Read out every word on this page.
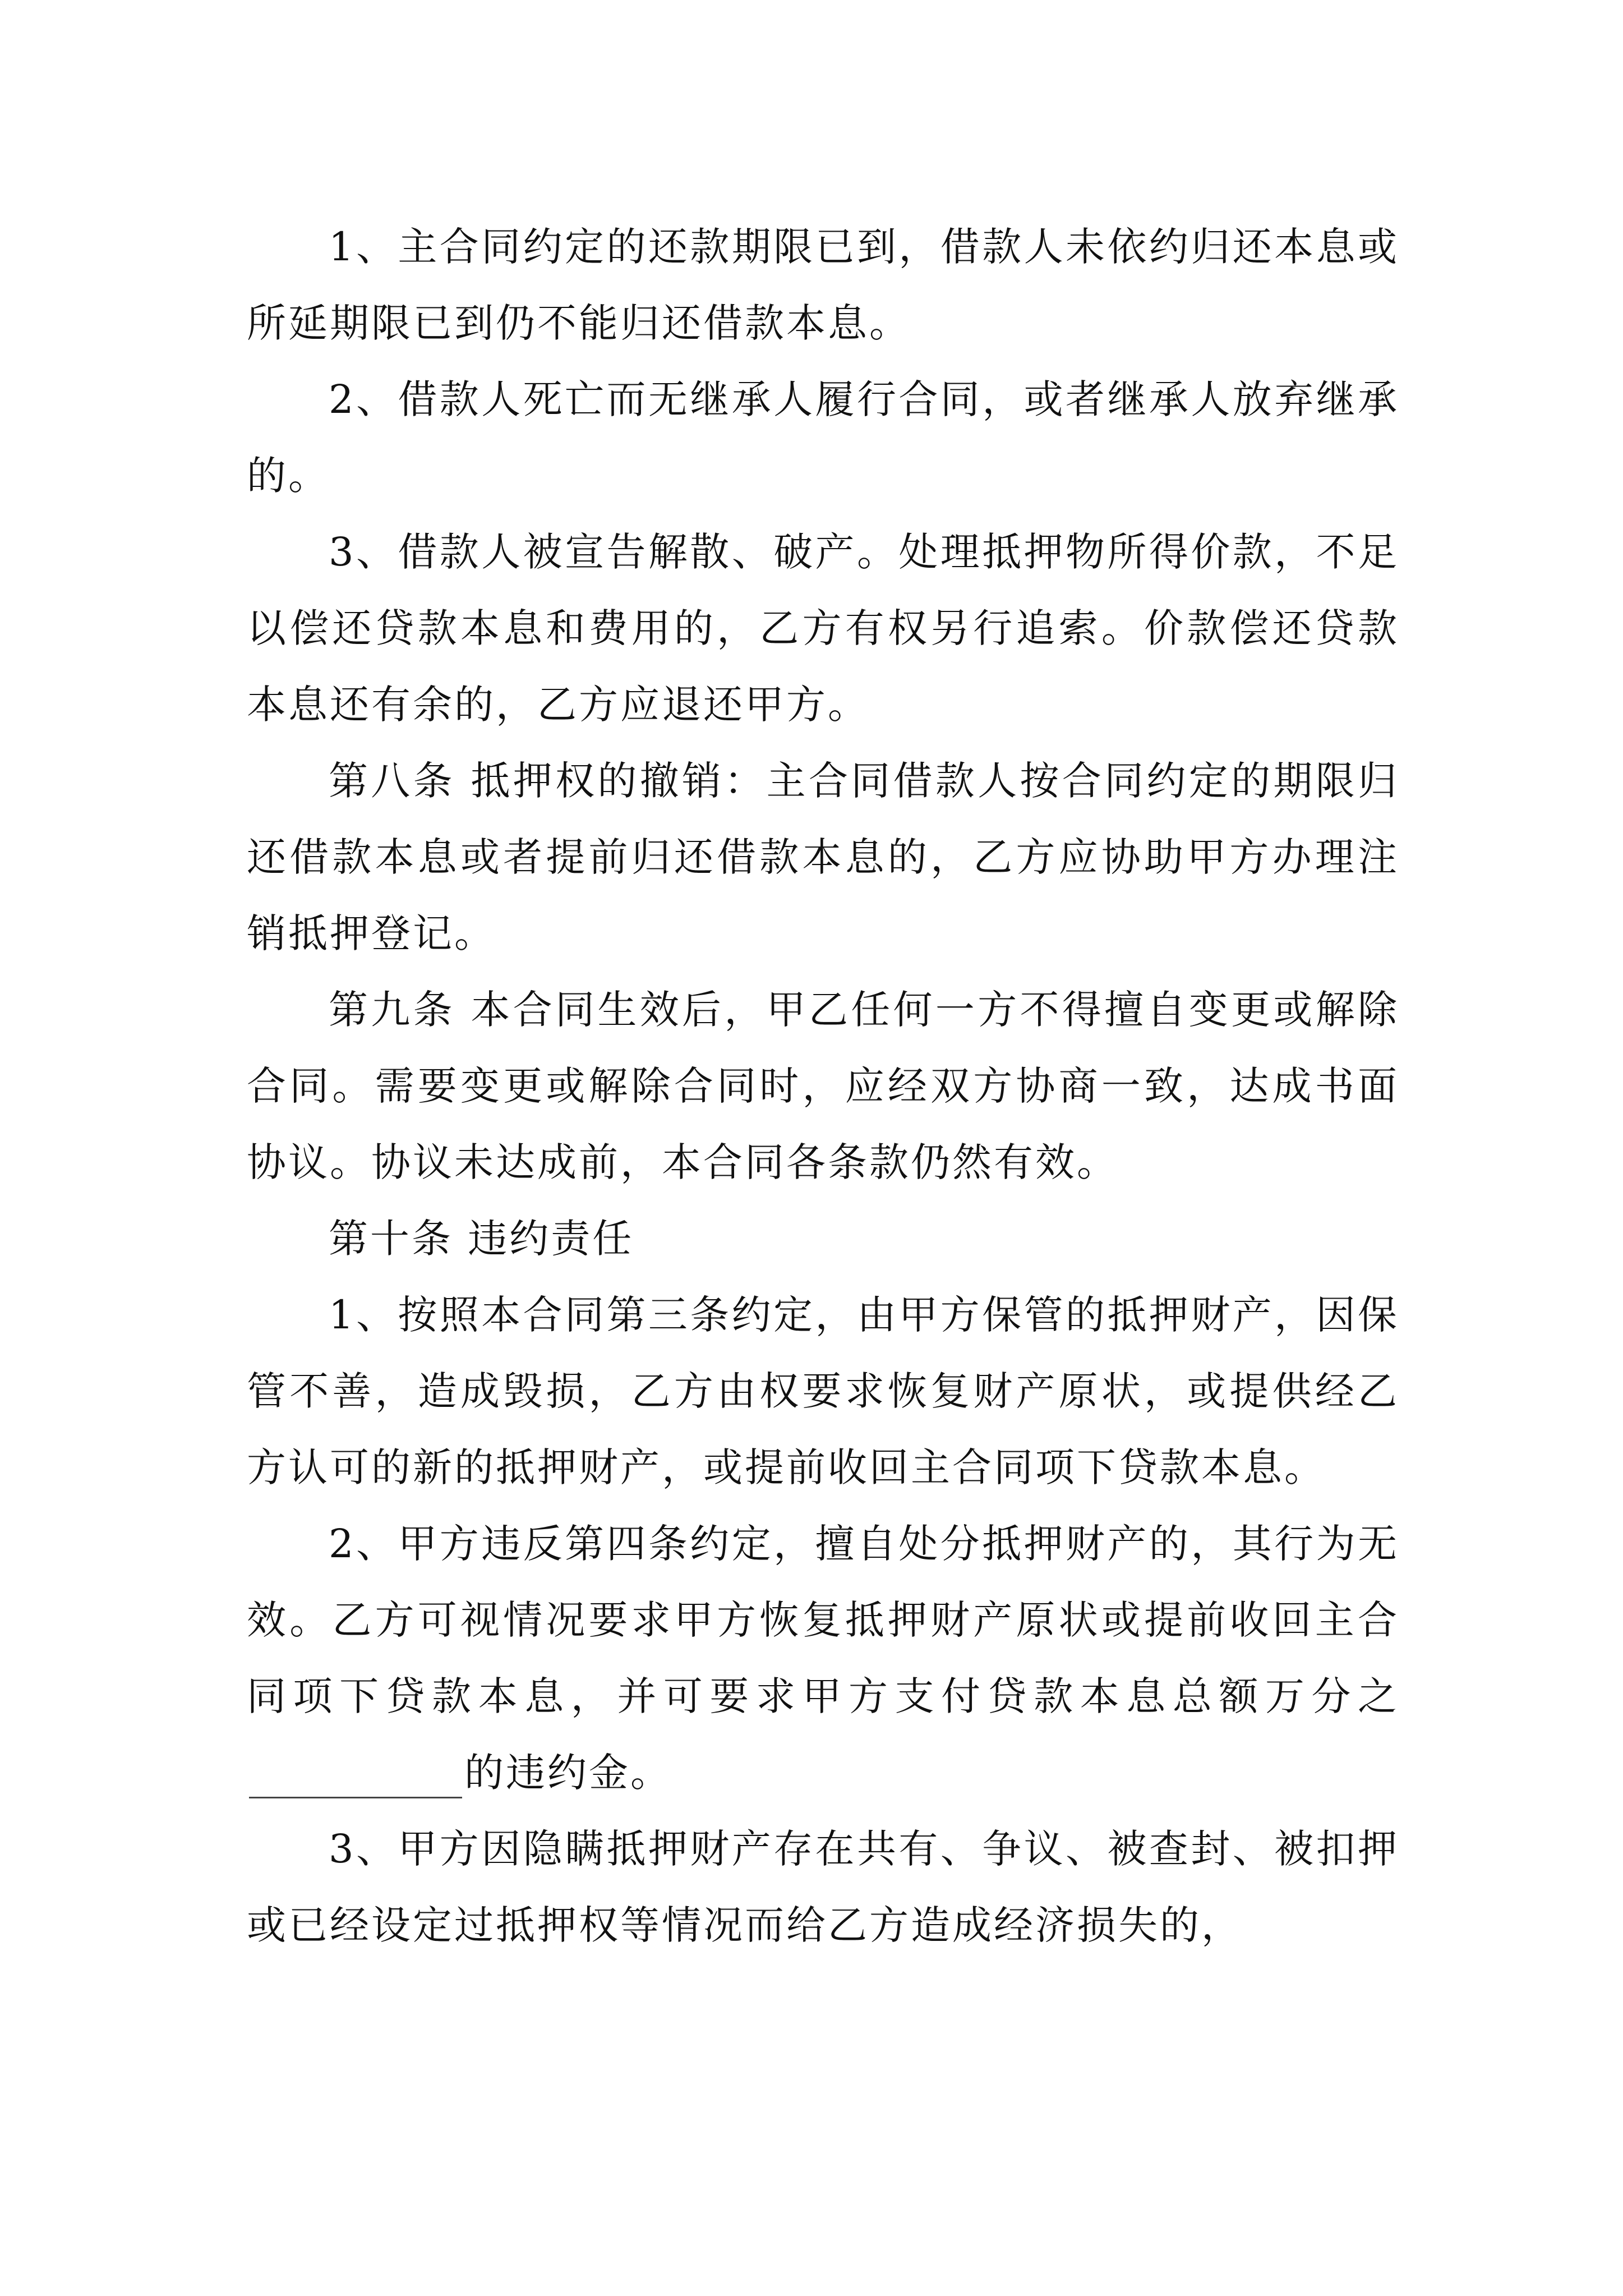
1、主合同约定的还款期限已到，借款人未依约归还本息或所延期限已到仍不能归还借款本息。

2、借款人死亡而无继承人履行合同，或者继承人放弃继承的。

3、借款人被宣告解散、破产。处理抵押物所得价款，不足以偿还贷款本息和费用的，乙方有权另行追索。价款偿还贷款本息还有余的，乙方应退还甲方。

第八条 抵押权的撤销：主合同借款人按合同约定的期限归还借款本息或者提前归还借款本息的，乙方应协助甲方办理注销抵押登记。

第九条 本合同生效后，甲乙任何一方不得擅自变更或解除合同。需要变更或解除合同时，应经双方协商一致，达成书面协议。协议未达成前，本合同各条款仍然有效。

第十条 违约责任

1、按照本合同第三条约定，由甲方保管的抵押财产，因保管不善，造成毁损，乙方由权要求恢复财产原状，或提供经乙方认可的新的抵押财产，或提前收回主合同项下贷款本息。

2、甲方违反第四条约定，擅自处分抵押财产的，其行为无效。乙方可视情况要求甲方恢复抵押财产原状或提前收回主合同项下贷款本息，并可要求甲方支付贷款本息总额万分之的违约金。

3、甲方因隐瞒抵押财产存在共有、争议、被查封、被扣押或已经设定过抵押权等情况而给乙方造成经济损失的，
